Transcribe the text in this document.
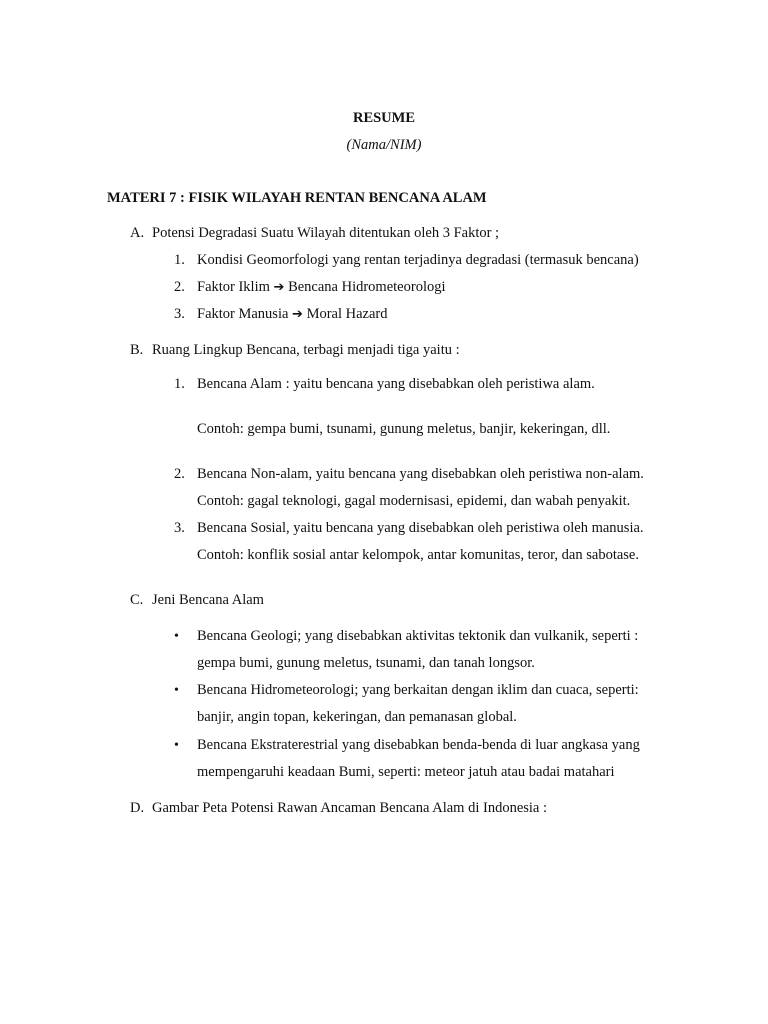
RESUME
(Nama/NIM)
MATERI 7 : FISIK WILAYAH RENTAN BENCANA ALAM
A. Potensi Degradasi Suatu Wilayah ditentukan oleh 3 Faktor ;
1. Kondisi Geomorfologi yang rentan terjadinya degradasi (termasuk bencana)
2. Faktor Iklim ➔ Bencana Hidrometeorologi
3. Faktor Manusia ➔ Moral Hazard
B. Ruang Lingkup Bencana, terbagi menjadi tiga yaitu :
1. Bencana Alam : yaitu bencana yang disebabkan oleh peristiwa alam.
Contoh: gempa bumi, tsunami, gunung meletus, banjir, kekeringan, dll.
2. Bencana Non-alam, yaitu bencana yang disebabkan oleh peristiwa non-alam.
Contoh: gagal teknologi, gagal modernisasi, epidemi, dan wabah penyakit.
3. Bencana Sosial, yaitu bencana yang disebabkan oleh peristiwa oleh manusia.
Contoh: konflik sosial antar kelompok, antar komunitas, teror, dan sabotase.
C. Jeni Bencana Alam
• Bencana Geologi; yang disebabkan aktivitas tektonik dan vulkanik, seperti :
gempa bumi, gunung meletus, tsunami, dan tanah longsor.
• Bencana Hidrometeorologi; yang berkaitan dengan iklim dan cuaca, seperti:
banjir, angin topan, kekeringan, dan pemanasan global.
• Bencana Ekstraterestrial yang disebabkan benda-benda di luar angkasa yang
mempengaruhi keadaan Bumi, seperti: meteor jatuh atau badai matahari
D. Gambar Peta Potensi Rawan Ancaman Bencana Alam di Indonesia :
